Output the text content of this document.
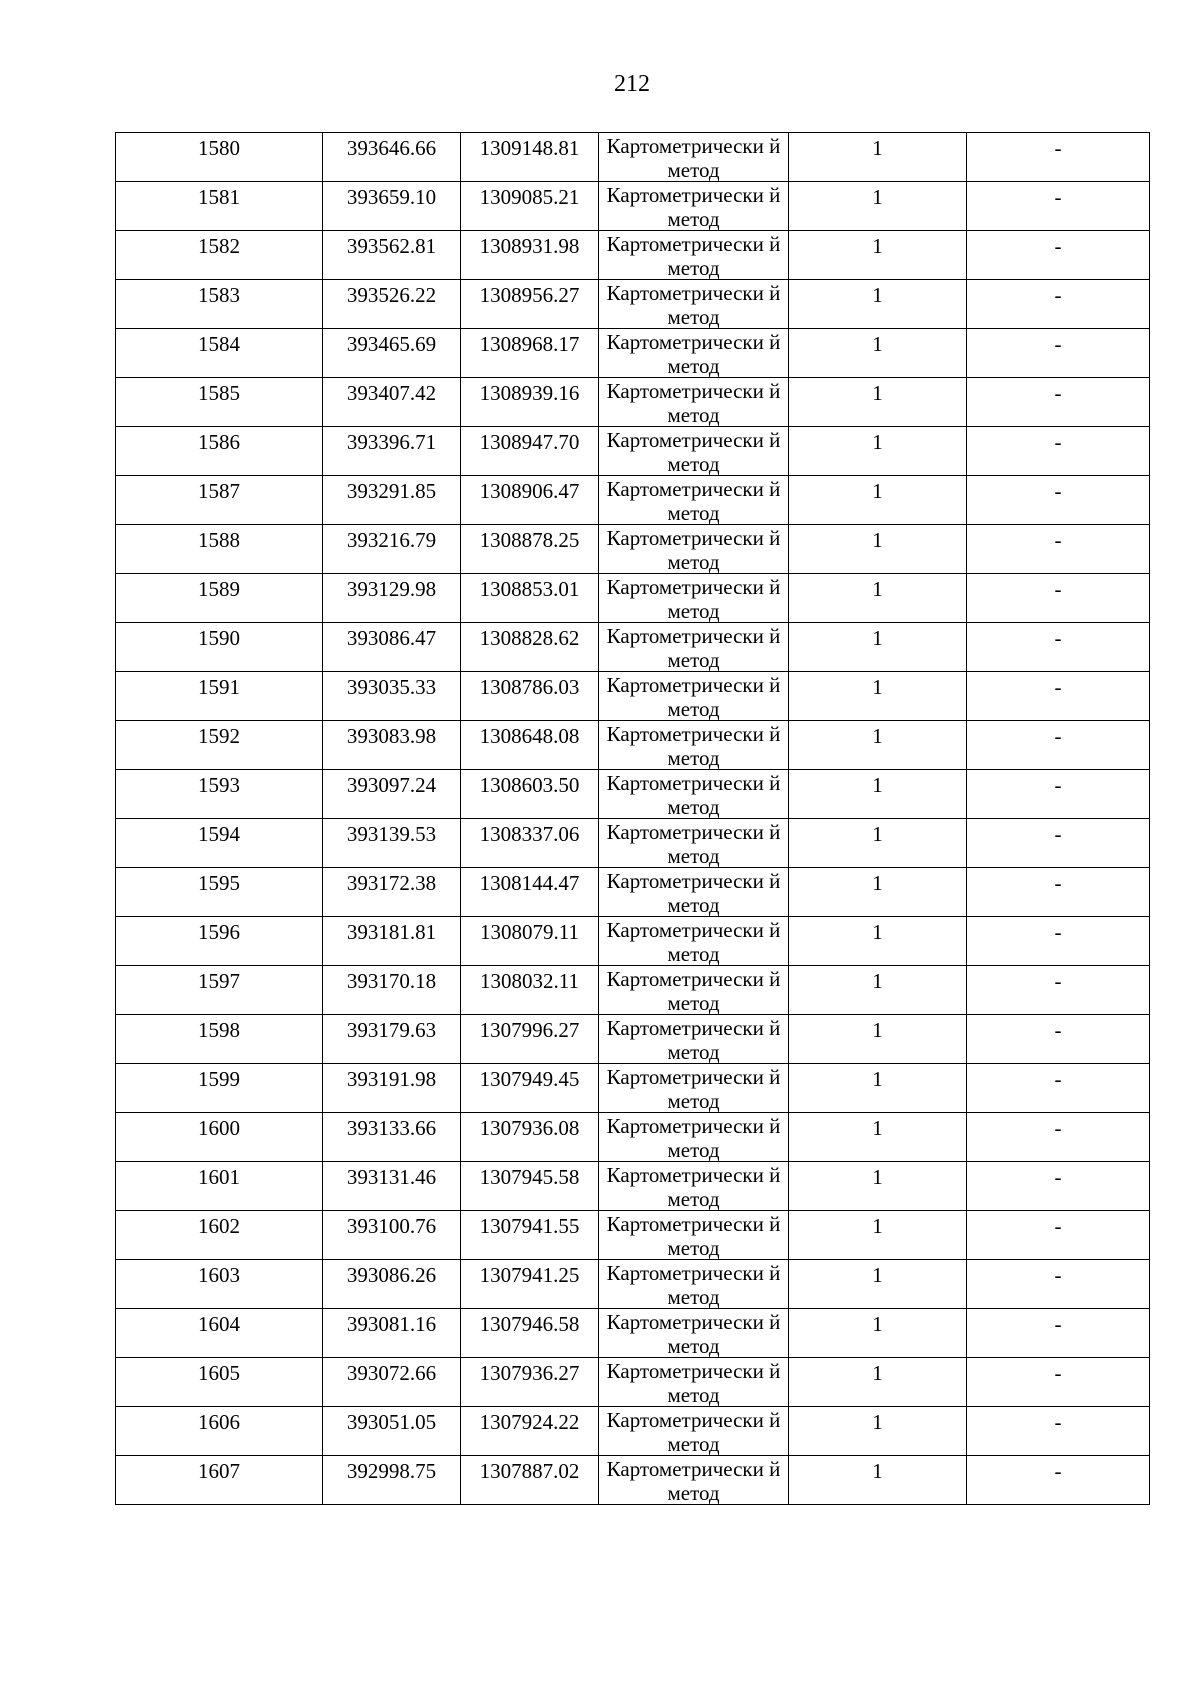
212
1580	393646.66	1309148.81	Картометрически й метод	1	-
1581	393659.10	1309085.21	Картометрически й метод	1	-
1582	393562.81	1308931.98	Картометрически й метод	1	-
1583	393526.22	1308956.27	Картометрически й метод	1	-
1584	393465.69	1308968.17	Картометрически й метод	1	-
1585	393407.42	1308939.16	Картометрически й метод	1	-
1586	393396.71	1308947.70	Картометрически й метод	1	-
1587	393291.85	1308906.47	Картометрически й метод	1	-
1588	393216.79	1308878.25	Картометрически й метод	1	-
1589	393129.98	1308853.01	Картометрически й метод	1	-
1590	393086.47	1308828.62	Картометрически й метод	1	-
1591	393035.33	1308786.03	Картометрически й метод	1	-
1592	393083.98	1308648.08	Картометрически й метод	1	-
1593	393097.24	1308603.50	Картометрически й метод	1	-
1594	393139.53	1308337.06	Картометрически й метод	1	-
1595	393172.38	1308144.47	Картометрически й метод	1	-
1596	393181.81	1308079.11	Картометрически й метод	1	-
1597	393170.18	1308032.11	Картометрически й метод	1	-
1598	393179.63	1307996.27	Картометрически й метод	1	-
1599	393191.98	1307949.45	Картометрически й метод	1	-
1600	393133.66	1307936.08	Картометрически й метод	1	-
1601	393131.46	1307945.58	Картометрически й метод	1	-
1602	393100.76	1307941.55	Картометрически й метод	1	-
1603	393086.26	1307941.25	Картометрически й метод	1	-
1604	393081.16	1307946.58	Картометрически й метод	1	-
1605	393072.66	1307936.27	Картометрически й метод	1	-
1606	393051.05	1307924.22	Картометрически й метод	1	-
1607	392998.75	1307887.02	Картометрически й метод	1	-
